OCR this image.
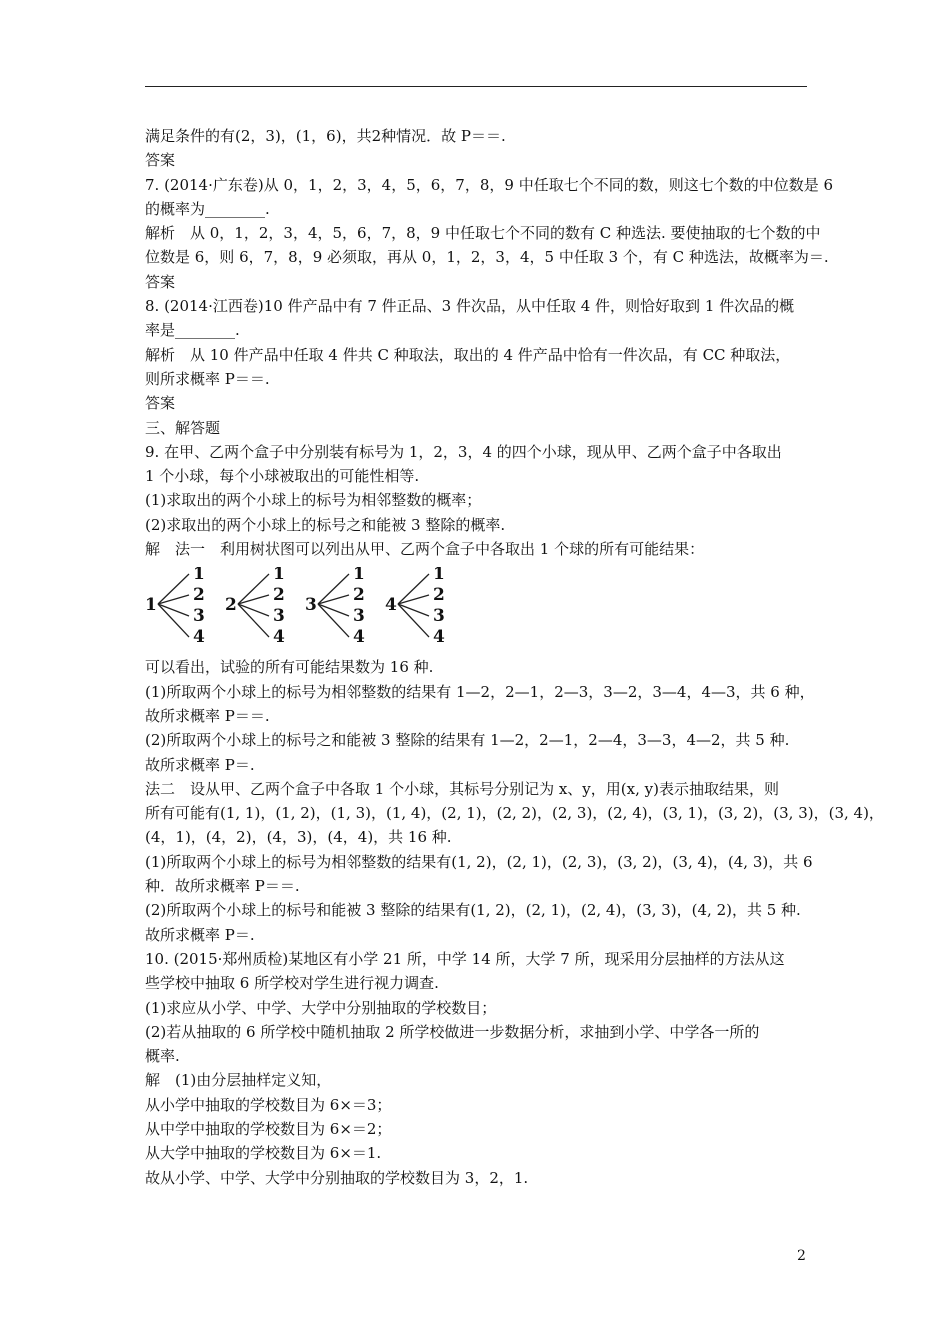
满足条件的有(2，3)，(1，6)，共2种情况．故 P＝＝.
答案
7. (2014·广东卷)从 0，1，2，3，4，5，6，7，8，9 中任取七个不同的数，则这七个数的中位数是 6
的概率为________.
解析　从 0，1，2，3，4，5，6，7，8，9 中任取七个不同的数有 C 种选法. 要使抽取的七个数的中
位数是 6，则 6，7，8，9 必须取，再从 0，1，2，3，4，5 中任取 3 个，有 C 种选法，故概率为＝.
答案
8. (2014·江西卷)10 件产品中有 7 件正品、3 件次品，从中任取 4 件，则恰好取到 1 件次品的概
率是________.
解析　从 10 件产品中任取 4 件共 C 种取法，取出的 4 件产品中恰有一件次品，有 CC 种取法，
则所求概率 P＝＝.
答案
三、解答题
9. 在甲、乙两个盒子中分别装有标号为 1，2，3，4 的四个小球，现从甲、乙两个盒子中各取出
1 个小球，每个小球被取出的可能性相等.
(1)求取出的两个小球上的标号为相邻整数的概率；
(2)求取出的两个小球上的标号之和能被 3 整除的概率.
解　法一　利用树状图可以列出从甲、乙两个盒子中各取出 1 个球的所有可能结果：
1
1
2
3
4
2
1
2
3
4
3
1
2
3
4
4
1
2
3
4
可以看出，试验的所有可能结果数为 16 种.
(1)所取两个小球上的标号为相邻整数的结果有 1—2，2—1，2—3，3—2，3—4，4—3，共 6 种，
故所求概率 P＝＝.
(2)所取两个小球上的标号之和能被 3 整除的结果有 1—2，2—1，2—4，3—3，4—2，共 5 种.
故所求概率 P＝.
法二　设从甲、乙两个盒子中各取 1 个小球，其标号分别记为 x、y，用(x, y)表示抽取结果，则
所有可能有(1, 1)，(1, 2)，(1, 3)，(1, 4)，(2, 1)，(2, 2)，(2, 3)，(2, 4)，(3, 1)，(3, 2)，(3, 3)，(3, 4)，
(4，1)，(4，2)，(4，3)，(4，4)，共 16 种.
(1)所取两个小球上的标号为相邻整数的结果有(1, 2)，(2, 1)，(2, 3)，(3, 2)，(3, 4)，(4, 3)，共 6
种．故所求概率 P＝＝.
(2)所取两个小球上的标号和能被 3 整除的结果有(1, 2)，(2, 1)，(2, 4)，(3, 3)，(4, 2)，共 5 种.
故所求概率 P＝.
10. (2015·郑州质检)某地区有小学 21 所，中学 14 所，大学 7 所，现采用分层抽样的方法从这
些学校中抽取 6 所学校对学生进行视力调查.
(1)求应从小学、中学、大学中分别抽取的学校数目；
(2)若从抽取的 6 所学校中随机抽取 2 所学校做进一步数据分析，求抽到小学、中学各一所的
概率.
解　(1)由分层抽样定义知，
从小学中抽取的学校数目为 6×＝3；
从中学中抽取的学校数目为 6×＝2；
从大学中抽取的学校数目为 6×＝1.
故从小学、中学、大学中分别抽取的学校数目为 3，2，1.
2
